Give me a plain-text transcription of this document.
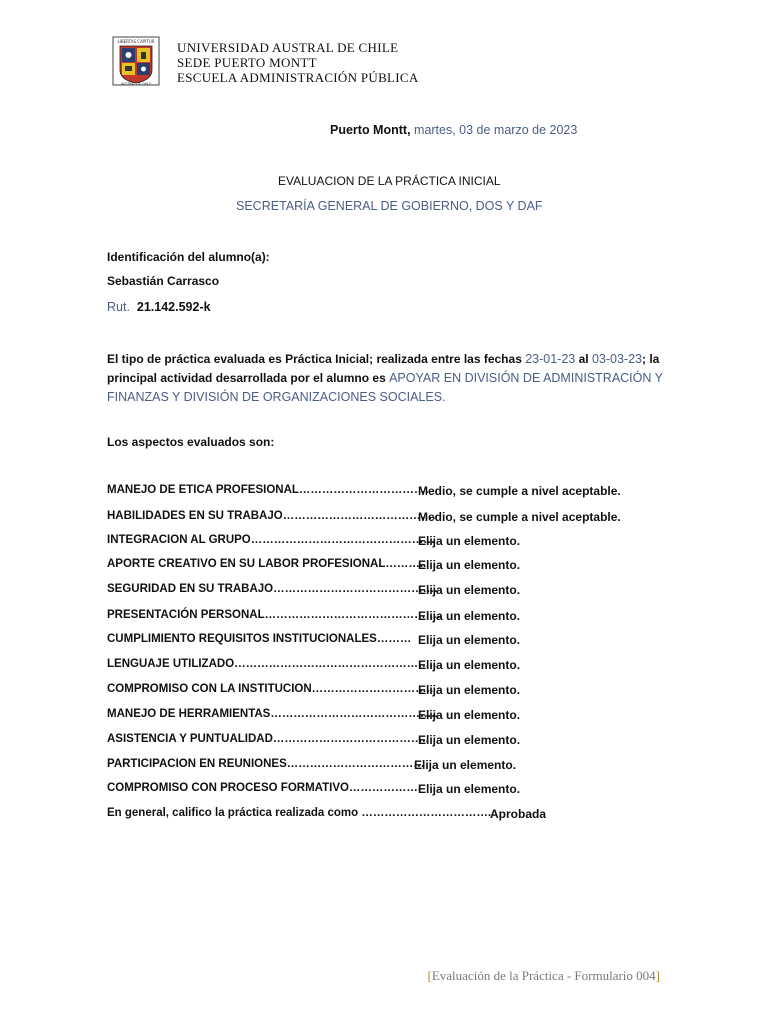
LIBERTAS CAPITUR
AUSTRAL DE CHILE
UNIVERSIDAD AUSTRAL DE CHILE
SEDE PUERTO MONTT
ESCUELA ADMINISTRACIÓN PÚBLICA
Puerto Montt, martes, 03 de marzo de 2023
EVALUACION DE LA PRÁCTICA INICIAL
SECRETARÍA GENERAL DE GOBIERNO, DOS Y DAF
Identificación del alumno(a):
Sebastián Carrasco
Rut. 21.142.592-k
El tipo de práctica evaluada es Práctica Inicial; realizada entre las fechas 23-01-23 al 03-03-23; la principal actividad desarrollada por el alumno es APOYAR EN DIVISIÓN DE ADMINISTRACIÓN Y FINANZAS Y DIVISIÓN DE ORGANIZACIONES SOCIALES.
Los aspectos evaluados son:
MANEJO DE ETICA PROFESIONAL…………………………….
Medio, se cumple a nivel aceptable.
HABILIDADES EN SU TRABAJO………………………………….
Medio, se cumple a nivel aceptable.
INTEGRACION AL GRUPO…………………………………………
Elija un elemento.
APORTE CREATIVO EN SU LABOR PROFESIONAL………..
Elija un elemento.
SEGURIDAD EN SU TRABAJO…………………………………….
Elija un elemento.
PRESENTACIÓN PERSONAL……………………………………….
Elija un elemento.
CUMPLIMIENTO REQUISITOS INSTITUCIONALES……… Elija un elemento.
LENGUAJE UTILIZADO……………………………………………..
Elija un elemento.
COMPROMISO CON LA INSTITUCION…………………………..
Elija un elemento.
MANEJO DE HERRAMIENTAS……………………………………..
Elija un elemento.
ASISTENCIA Y PUNTUALIDAD…………………………………..
Elija un elemento.
PARTICIPACION EN REUNIONES………………………………
Elija un elemento.
COMPROMISO CON PROCESO FORMATIVO……………….
Elija un elemento.
En general, califico la práctica realizada como …………………………….
Aprobada
[Evaluación de la Práctica - Formulario 004]
